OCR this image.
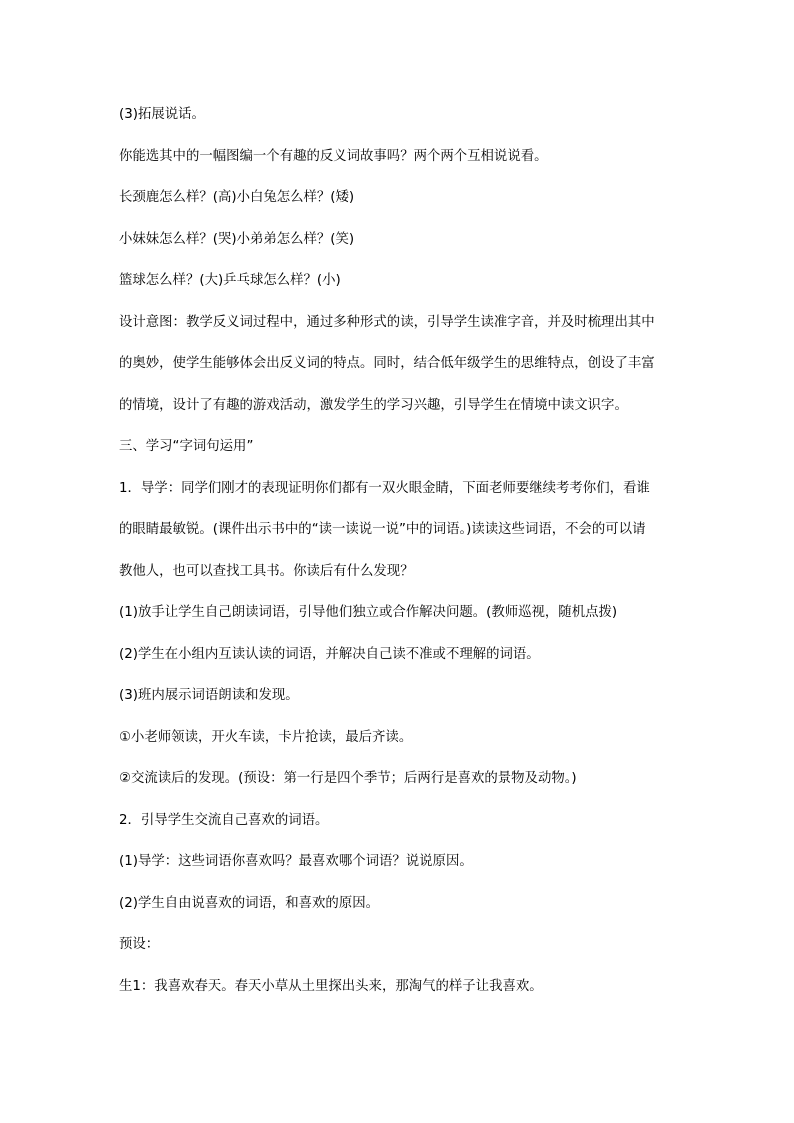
(3)拓展说话。
你能选其中的一幅图编一个有趣的反义词故事吗？两个两个互相说说看。
长颈鹿怎么样？(高)小白兔怎么样？(矮)
小妹妹怎么样？(哭)小弟弟怎么样？(笑)
篮球怎么样？(大)乒乓球怎么样？(小)
设计意图：教学反义词过程中，通过多种形式的读，引导学生读准字音，并及时梳理出其中
的奥妙，使学生能够体会出反义词的特点。同时，结合低年级学生的思维特点，创设了丰富
的情境，设计了有趣的游戏活动，激发学生的学习兴趣，引导学生在情境中读文识字。
三、学习“字词句运用”
1．导学：同学们刚才的表现证明你们都有一双火眼金睛，下面老师要继续考考你们，看谁
的眼睛最敏锐。(课件出示书中的“读一读说一说”中的词语。)读读这些词语，不会的可以请
教他人，也可以查找工具书。你读后有什么发现？
(1)放手让学生自己朗读词语，引导他们独立或合作解决问题。(教师巡视，随机点拨)
(2)学生在小组内互读认读的词语，并解决自己读不准或不理解的词语。
(3)班内展示词语朗读和发现。
①小老师领读，开火车读，卡片抢读，最后齐读。
②交流读后的发现。(预设：第一行是四个季节；后两行是喜欢的景物及动物。)
2．引导学生交流自己喜欢的词语。
(1)导学：这些词语你喜欢吗？最喜欢哪个词语？说说原因。
(2)学生自由说喜欢的词语，和喜欢的原因。
预设：
生1：我喜欢春天。春天小草从土里探出头来，那淘气的样子让我喜欢。
